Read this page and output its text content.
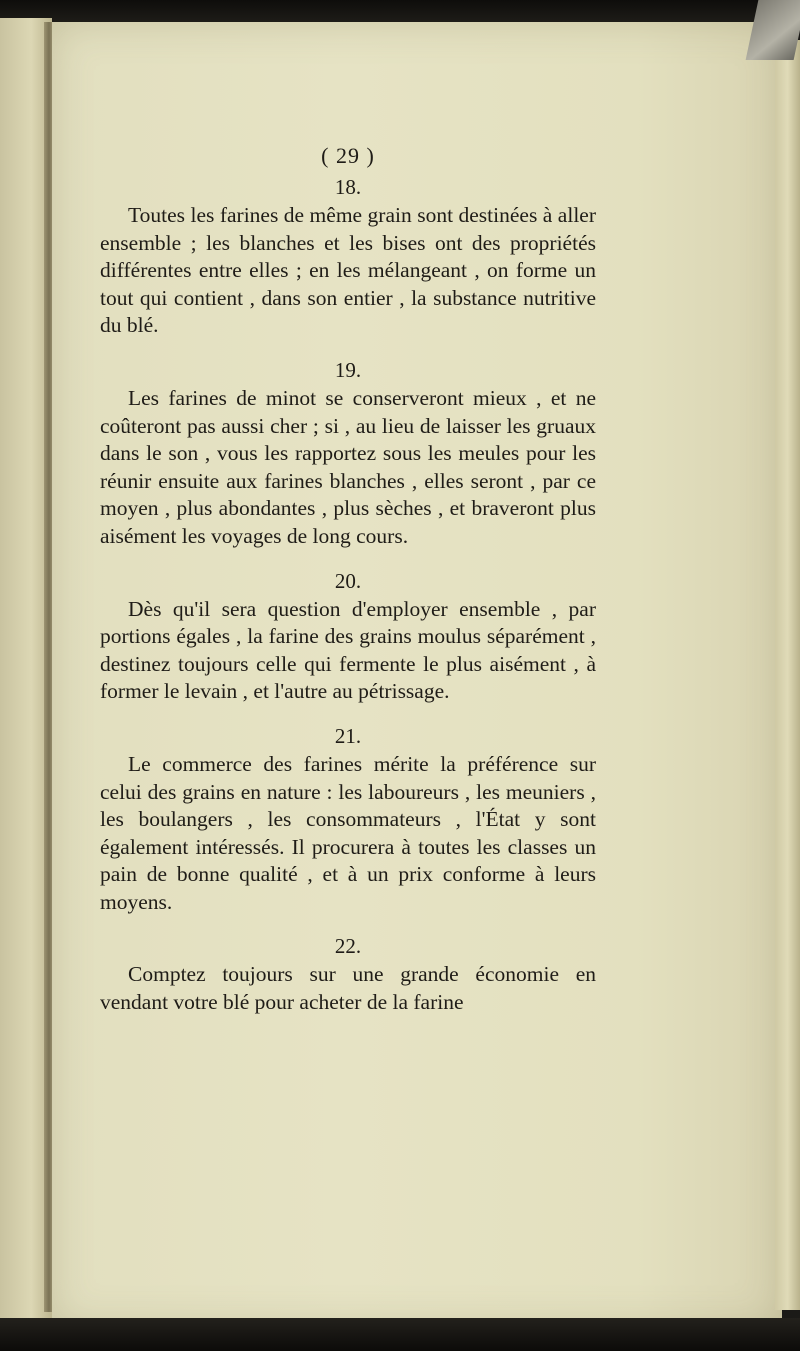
( 29 )
18.

Toutes les farines de même grain sont destinées à aller ensemble ; les blanches et les bises ont des propriétés différentes entre elles ; en les mélangeant , on forme un tout qui contient , dans son entier , la substance nutritive du blé.

19.

Les farines de minot se conserveront mieux , et ne coûteront pas aussi cher ; si , au lieu de laisser les gruaux dans le son , vous les rapportez sous les meules pour les réunir ensuite aux farines blanches , elles seront , par ce moyen , plus abondantes , plus sèches , et braveront plus aisément les voyages de long cours.

20.

Dès qu'il sera question d'employer ensemble , par portions égales , la farine des grains moulus séparément , destinez toujours celle qui fermente le plus aisément , à former le levain , et l'autre au pétrissage.

21.

Le commerce des farines mérite la préférence sur celui des grains en nature : les laboureurs , les meuniers , les boulangers , les consommateurs , l'État y sont également intéressés. Il procurera à toutes les classes un pain de bonne qualité , et à un prix conforme à leurs moyens.

22.

Comptez toujours sur une grande économie en vendant votre blé pour acheter de la farine
